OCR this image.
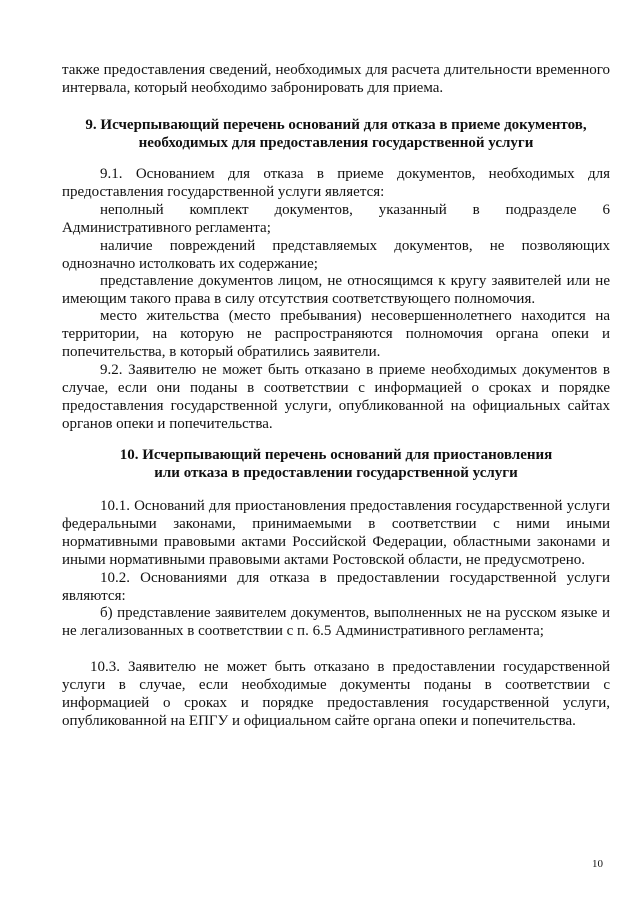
также предоставления сведений, необходимых для расчета длительности временного интервала, который необходимо забронировать для приема.

9. Исчерпывающий перечень оснований для отказа в приеме документов,
необходимых для предоставления государственной услуги

9.1. Основанием для отказа в приеме документов, необходимых для предоставления государственной услуги является:

неполный комплект документов, указанный в подразделе 6 Административного регламента;

наличие повреждений представляемых документов, не позволяющих однозначно истолковать их содержание;

представление документов лицом, не относящимся к кругу заявителей или не имеющим такого права в силу отсутствия соответствующего полномочия.

место жительства (место пребывания) несовершеннолетнего находится на территории, на которую не распространяются полномочия органа опеки и попечительства, в который обратились заявители.

9.2. Заявителю не может быть отказано в приеме необходимых документов в случае, если они поданы в соответствии с информацией о сроках и порядке предоставления государственной услуги, опубликованной на официальных сайтах органов опеки и попечительства.

10. Исчерпывающий перечень оснований для приостановления
или отказа в предоставлении государственной услуги

10.1. Оснований для приостановления предоставления государственной услуги федеральными законами, принимаемыми в соответствии с ними иными нормативными правовыми актами Российской Федерации, областными законами и иными нормативными правовыми актами Ростовской области, не предусмотрено.

10.2. Основаниями для отказа в предоставлении государственной услуги являются:

б) представление заявителем документов, выполненных не на русском языке и не легализованных в соответствии с п. 6.5 Административного регламента;

10.3. Заявителю не может быть отказано в предоставлении государственной услуги в случае, если необходимые документы поданы в соответствии с информацией о сроках и порядке предоставления государственной услуги, опубликованной на ЕПГУ и официальном сайте органа опеки и попечительства.

10
